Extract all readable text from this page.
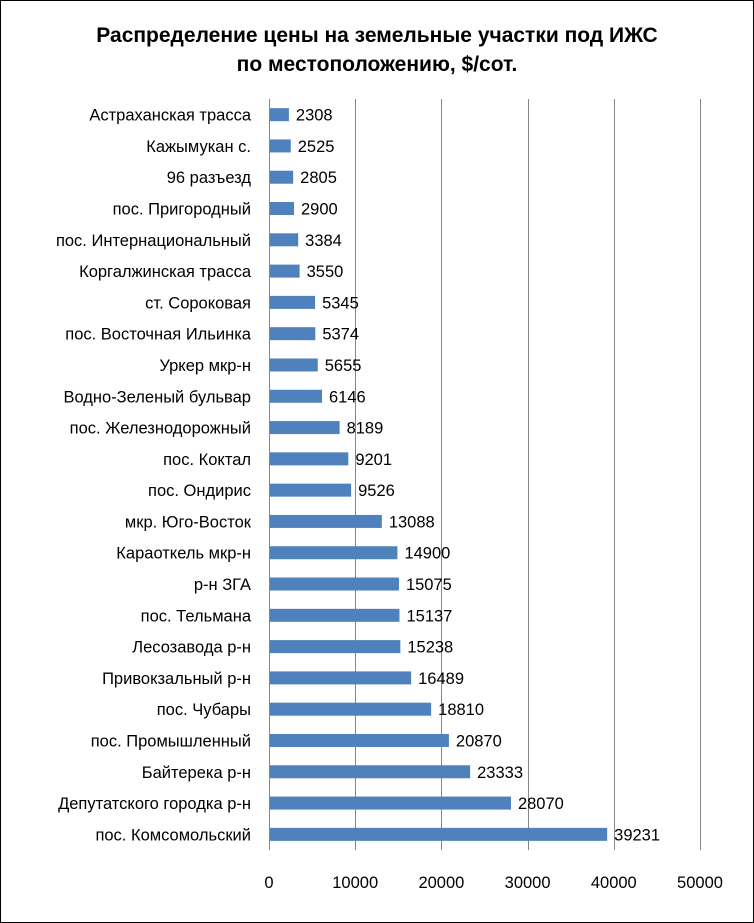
Распределение цены на земельные участки под ИЖС
по местоположению, $/сот.
Астраханская трасса
Кажымукан с.
96 разъезд
пос. Пригородный
пос. Интернациональный
Коргалжинская трасса
ст. Сороковая
пос. Восточная Ильинка
Уркер мкр-н
Водно-Зеленый бульвар
пос. Железнодорожный
пос. Коктал
пос. Ондирис
мкр. Юго-Восток
Караоткель мкр-н
р-н ЗГА
пос. Тельмана
Лесозавода р-н
Привокзальный р-н
пос. Чубары
пос. Промышленный
Байтерека р-н
Депутатского городка р-н
пос. Комсомольский
2308
2525
2805
2900
3384
3550
5345
5374
5655
6146
8189
9201
9526
13088
14900
15075
15137
15238
16489
18810
20870
23333
28070
39231
0	10000 20000 30000 40000 50000
